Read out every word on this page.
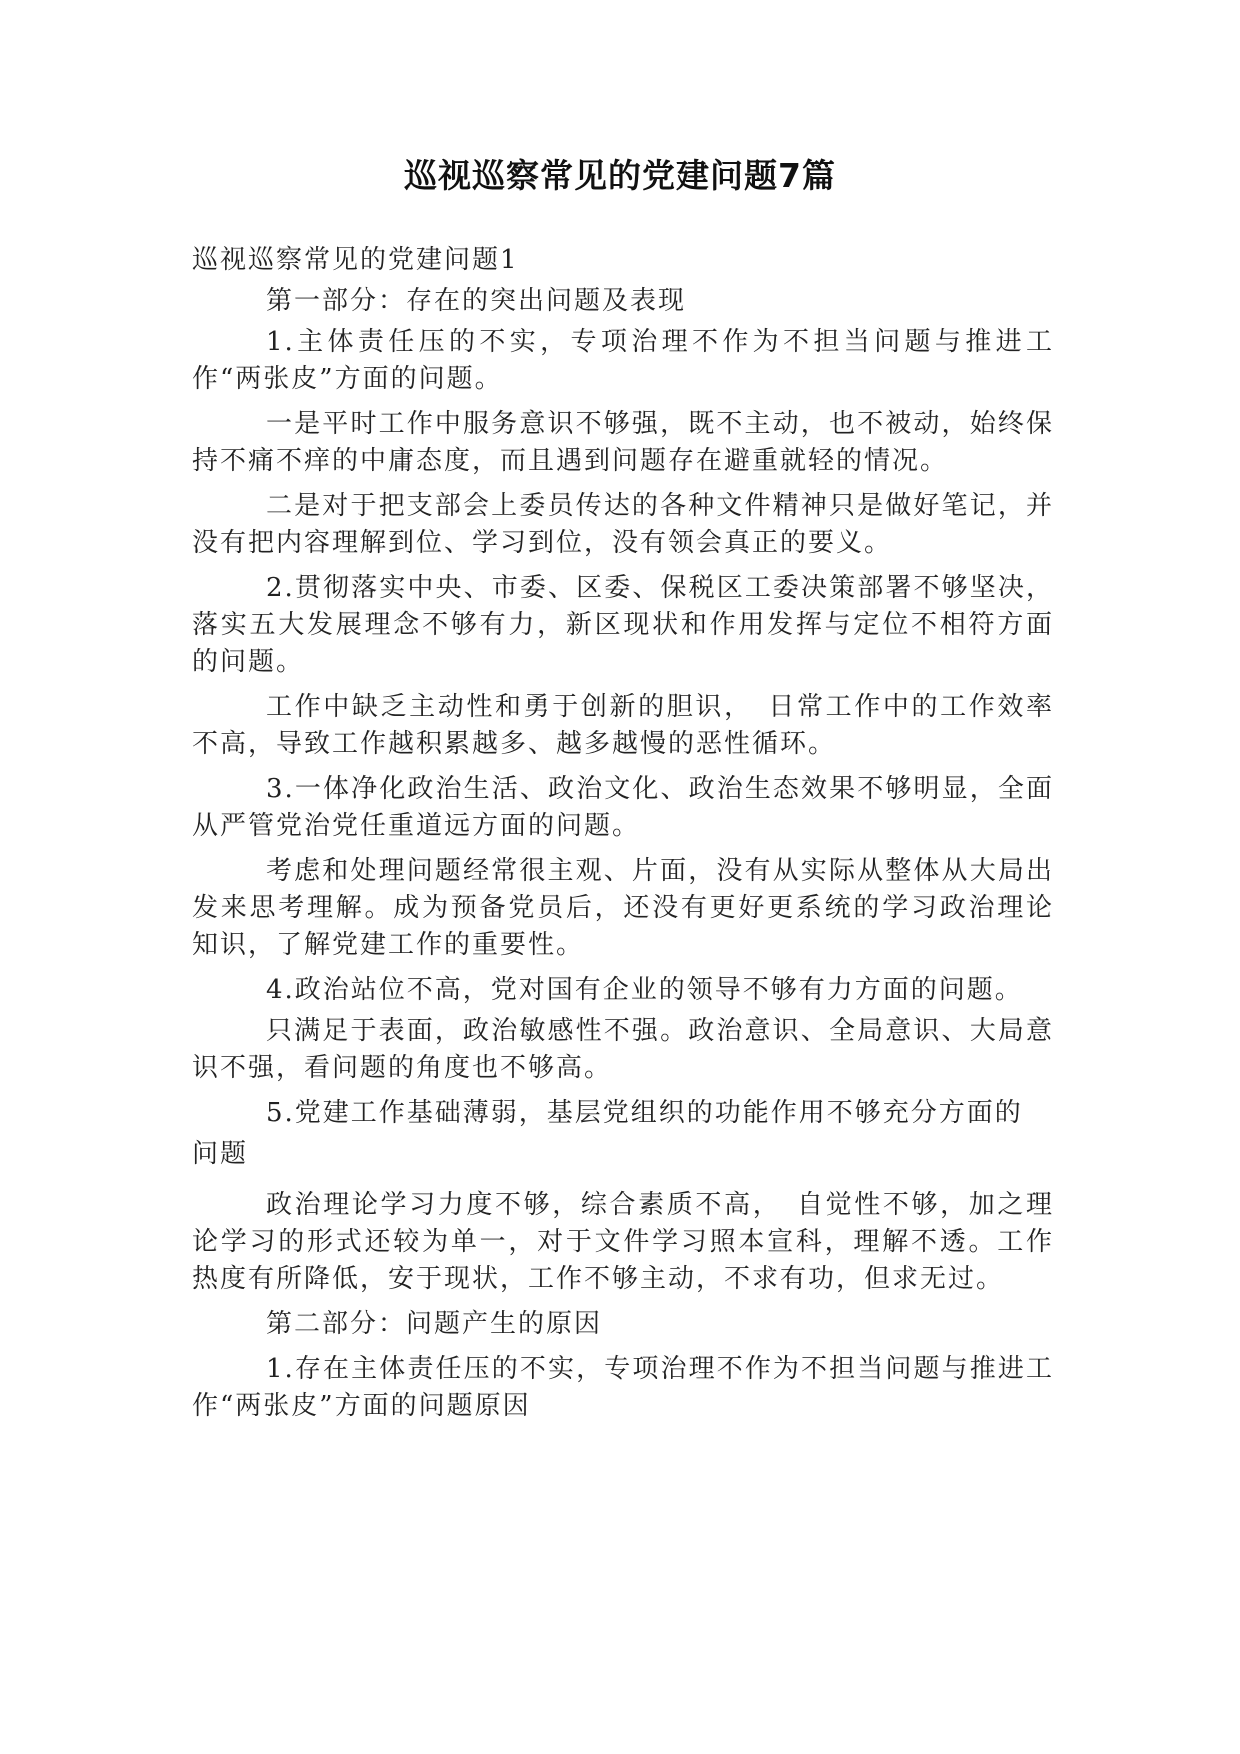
巡视巡察常见的党建问题7篇
巡视巡察常见的党建问题1

第一部分：存在的突出问题及表现

1.主体责任压的不实，专项治理不作为不担当问题与推进工作“两张皮”方面的问题。

一是平时工作中服务意识不够强，既不主动，也不被动，始终保持不痛不痒的中庸态度，而且遇到问题存在避重就轻的情况。

二是对于把支部会上委员传达的各种文件精神只是做好笔记，并没有把内容理解到位、学习到位，没有领会真正的要义。

2.贯彻落实中央、市委、区委、保税区工委决策部署不够坚决，落实五大发展理念不够有力，新区现状和作用发挥与定位不相符方面的问题。

工作中缺乏主动性和勇于创新的胆识，　日常工作中的工作效率 不高，导致工作越积累越多、越多越慢的恶性循环。

3.一体净化政治生活、政治文化、政治生态效果不够明显，全面从严管党治党任重道远方面的问题。

考虑和处理问题经常很主观、片面，没有从实际从整体从大局出发来思考理解。成为预备党员后，还没有更好更系统的学习政治理论知识，了解党建工作的重要性。

4.政治站位不高，党对国有企业的领导不够有力方面的问题。

只满足于表面，政治敏感性不强。政治意识、全局意识、大局意识不强，看问题的角度也不够高。

5.党建工作基础薄弱，基层党组织的功能作用不够充分方面的

问题

政治理论学习力度不够，综合素质不高，　自觉性不够，加之理论学习的形式还较为单一，对于文件学习照本宣科，理解不透。工作热度有所降低，安于现状，工作不够主动，不求有功，但求无过。

第二部分：问题产生的原因

1.存在主体责任压的不实，专项治理不作为不担当问题与推进工作“两张皮”方面的问题原因
